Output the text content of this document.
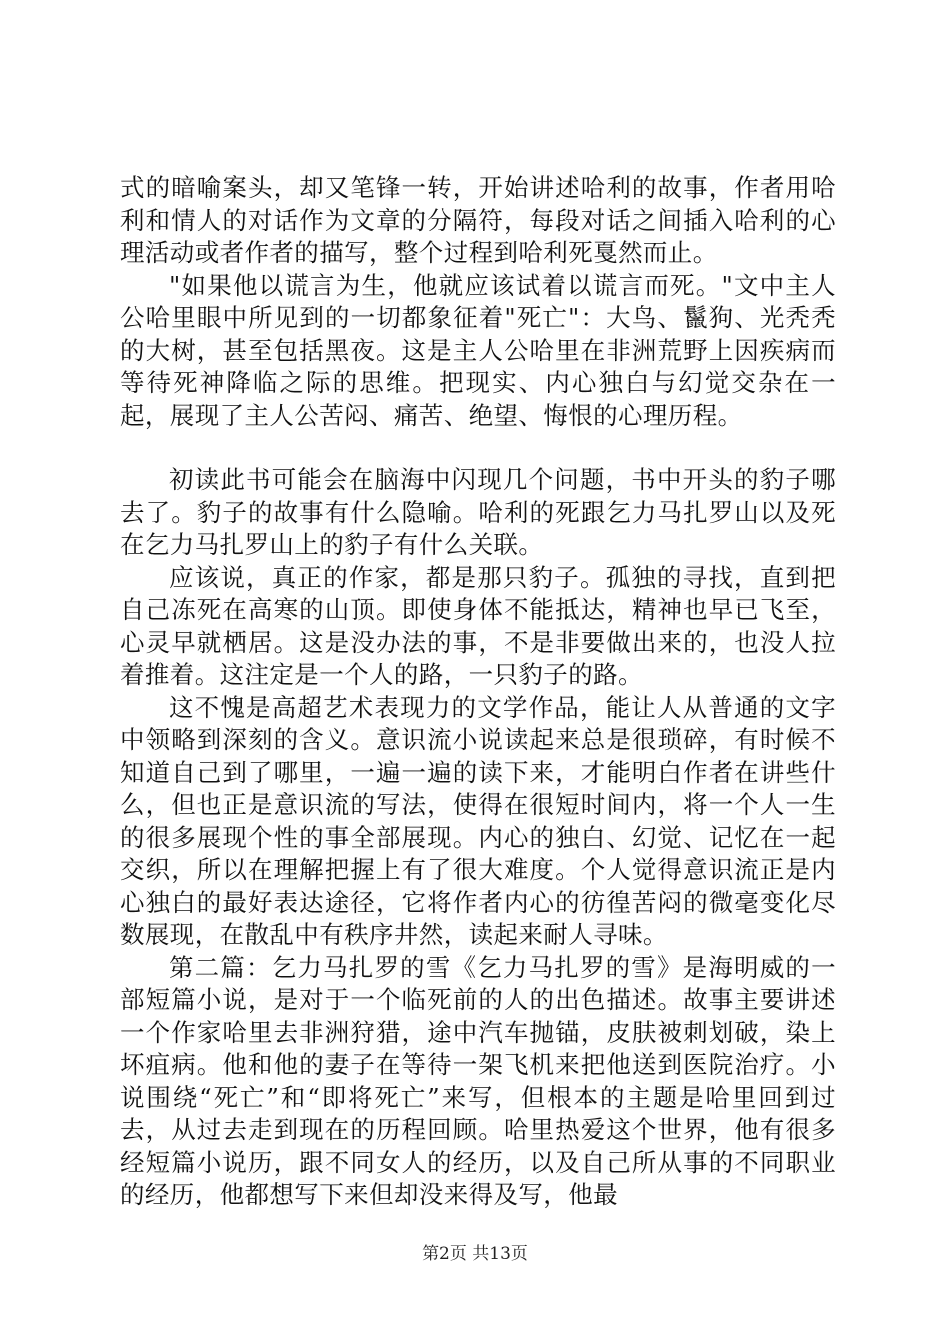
式的暗喻案头，却又笔锋一转，开始讲述哈利的故事，作者用哈利和情人的对话作为文章的分隔符，每段对话之间插入哈利的心理活动或者作者的描写，整个过程到哈利死戛然而止。

"如果他以谎言为生，他就应该试着以谎言而死。"文中主人公哈里眼中所见到的一切都象征着"死亡"：大鸟、鬣狗、光秃秃的大树，甚至包括黑夜。这是主人公哈里在非洲荒野上因疾病而等待死神降临之际的思维。把现实、内心独白与幻觉交杂在一起，展现了主人公苦闷、痛苦、绝望、悔恨的心理历程。

初读此书可能会在脑海中闪现几个问题，书中开头的豹子哪去了。豹子的故事有什么隐喻。哈利的死跟乞力马扎罗山以及死在乞力马扎罗山上的豹子有什么关联。

应该说，真正的作家，都是那只豹子。孤独的寻找，直到把自己冻死在高寒的山顶。即使身体不能抵达，精神也早已飞至，心灵早就栖居。这是没办法的事，不是非要做出来的，也没人拉着推着。这注定是一个人的路，一只豹子的路。

这不愧是高超艺术表现力的文学作品，能让人从普通的文字中领略到深刻的含义。意识流小说读起来总是很琐碎，有时候不知道自己到了哪里，一遍一遍的读下来，才能明白作者在讲些什么，但也正是意识流的写法，使得在很短时间内，将一个人一生的很多展现个性的事全部展现。内心的独白、幻觉、记忆在一起交织，所以在理解把握上有了很大难度。个人觉得意识流正是内心独白的最好表达途径，它将作者内心的彷徨苦闷的微毫变化尽数展现，在散乱中有秩序井然，读起来耐人寻味。

第二篇：乞力马扎罗的雪《乞力马扎罗的雪》是海明威的一部短篇小说，是对于一个临死前的人的出色描述。故事主要讲述一个作家哈里去非洲狩猎，途中汽车抛锚，皮肤被刺划破，染上坏疽病。他和他的妻子在等待一架飞机来把他送到医院治疗。小说围绕“死亡”和“即将死亡”来写，但根本的主题是哈里回到过去，从过去走到现在的历程回顾。哈里热爱这个世界，他有很多经短篇小说历，跟不同女人的经历，以及自己所从事的不同职业的经历，他都想写下来但却没来得及写，他最

第2页 共13页
